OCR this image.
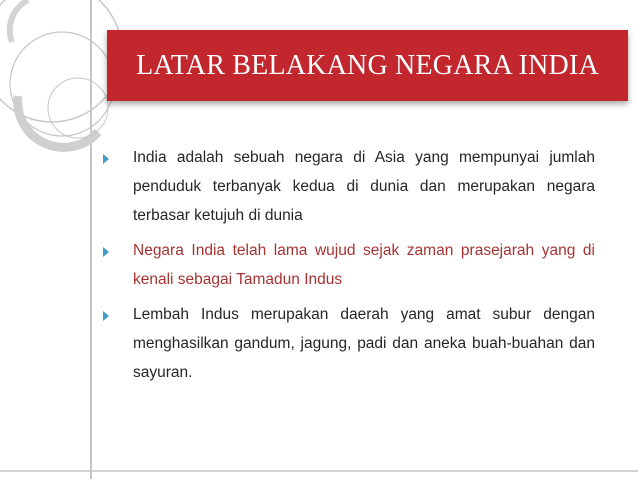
LATAR BELAKANG NEGARA INDIA
India adalah sebuah negara di Asia yang mempunyai jumlah penduduk terbanyak kedua di dunia dan merupakan negara terbasar ketujuh di dunia
Negara India telah lama wujud sejak zaman prasejarah yang di kenali sebagai Tamadun Indus
Lembah Indus merupakan daerah yang amat subur dengan menghasilkan gandum, jagung, padi dan aneka buah-buahan dan sayuran.
